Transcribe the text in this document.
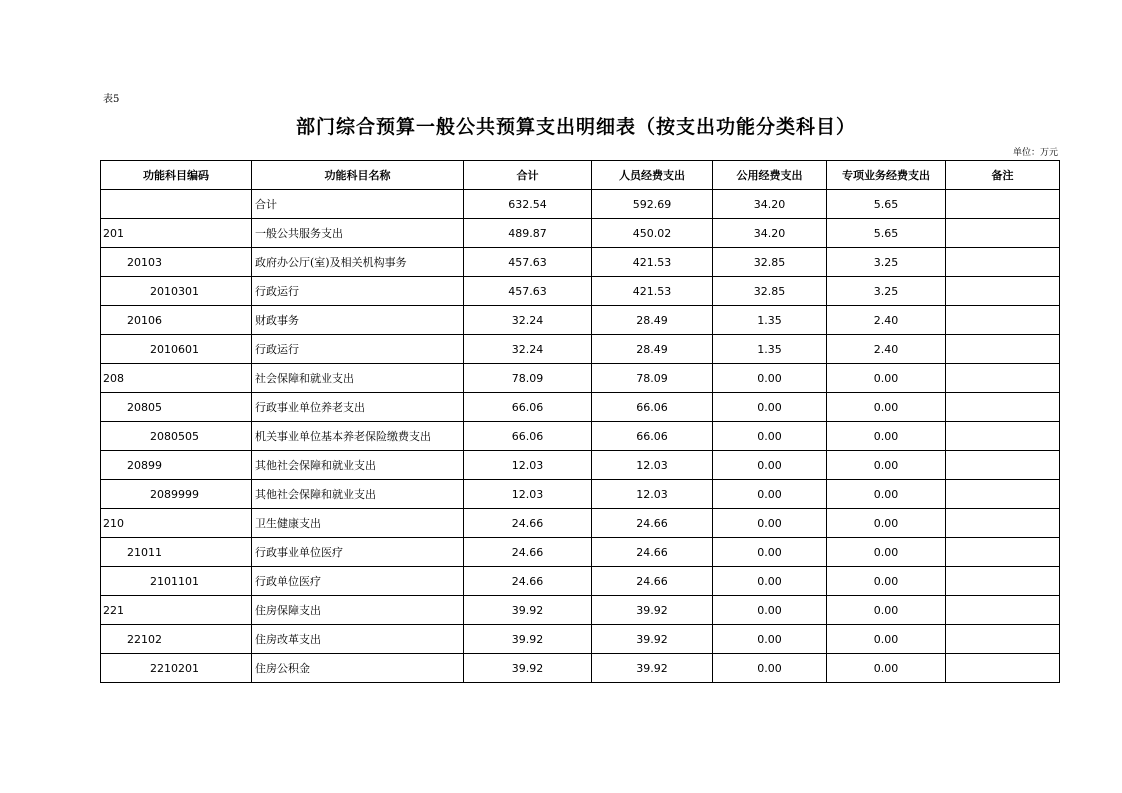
表5
部门综合预算一般公共预算支出明细表（按支出功能分类科目）
单位：万元
功能科目编码	功能科目名称	合计	人员经费支出	公用经费支出	专项业务经费支出	备注
	合计	632.54	592.69	34.20	5.65	
201	一般公共服务支出	489.87	450.02	34.20	5.65	
20103	政府办公厅(室)及相关机构事务	457.63	421.53	32.85	3.25	
2010301	行政运行	457.63	421.53	32.85	3.25	
20106	财政事务	32.24	28.49	1.35	2.40	
2010601	行政运行	32.24	28.49	1.35	2.40	
208	社会保障和就业支出	78.09	78.09	0.00	0.00	
20805	行政事业单位养老支出	66.06	66.06	0.00	0.00	
2080505	机关事业单位基本养老保险缴费支出	66.06	66.06	0.00	0.00	
20899	其他社会保障和就业支出	12.03	12.03	0.00	0.00	
2089999	其他社会保障和就业支出	12.03	12.03	0.00	0.00	
210	卫生健康支出	24.66	24.66	0.00	0.00	
21011	行政事业单位医疗	24.66	24.66	0.00	0.00	
2101101	行政单位医疗	24.66	24.66	0.00	0.00	
221	住房保障支出	39.92	39.92	0.00	0.00	
22102	住房改革支出	39.92	39.92	0.00	0.00	
2210201	住房公积金	39.92	39.92	0.00	0.00	
